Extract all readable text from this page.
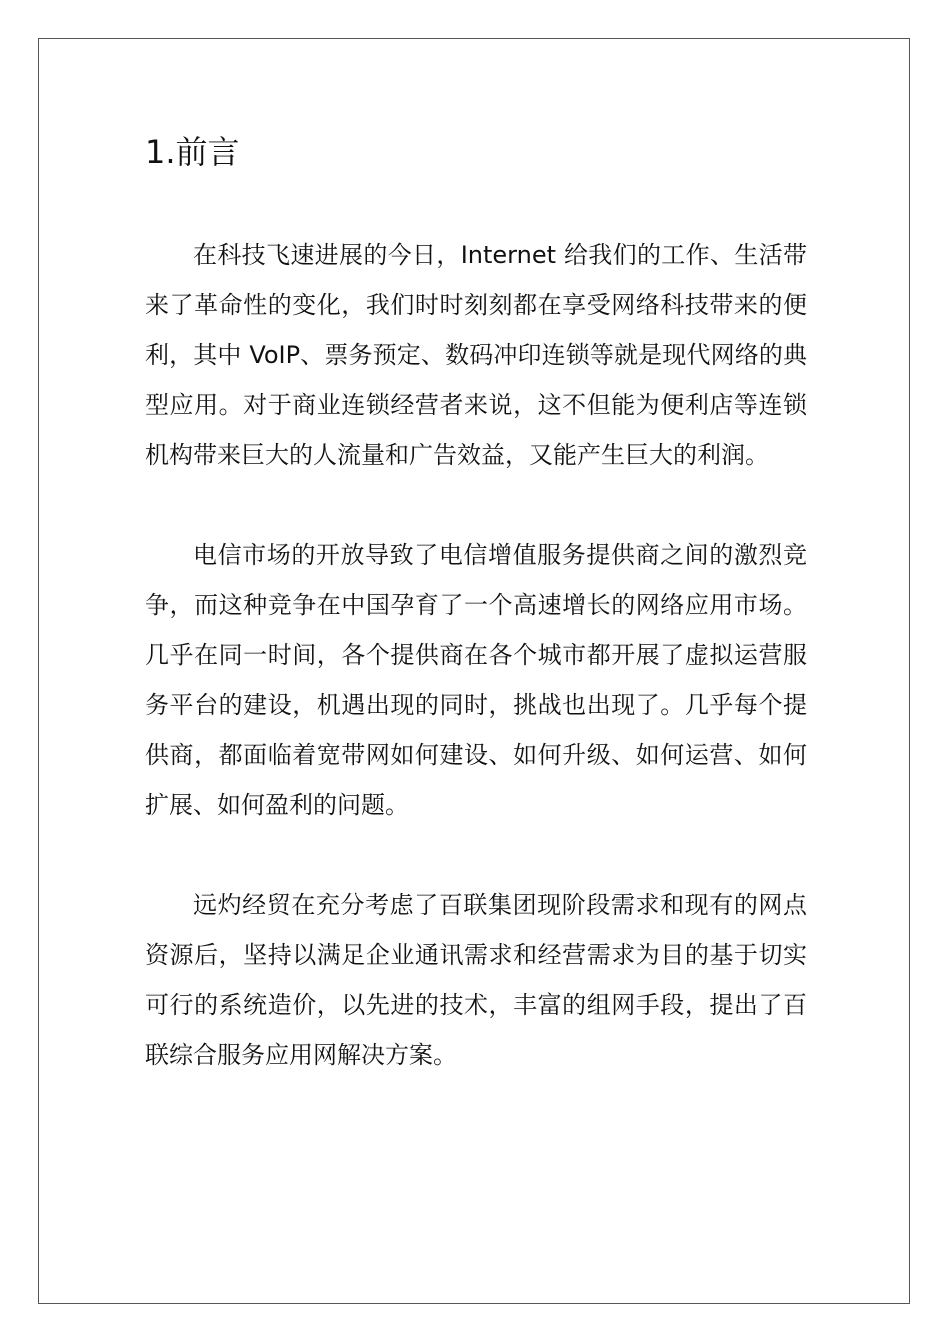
1.前言

在科技飞速进展的今日，Internet 给我们的工作、生活带来了革命性的变化，我们时时刻刻都在享受网络科技带来的便利，其中 VoIP、票务预定、数码冲印连锁等就是现代网络的典型应用。对于商业连锁经营者来说，这不但能为便利店等连锁机构带来巨大的人流量和广告效益，又能产生巨大的利润。

电信市场的开放导致了电信增值服务提供商之间的激烈竞争，而这种竞争在中国孕育了一个高速增长的网络应用市场。几乎在同一时间，各个提供商在各个城市都开展了虚拟运营服务平台的建设，机遇出现的同时，挑战也出现了。几乎每个提供商，都面临着宽带网如何建设、如何升级、如何运营、如何扩展、如何盈利的问题。

远灼经贸在充分考虑了百联集团现阶段需求和现有的网点资源后，坚持以满足企业通讯需求和经营需求为目的基于切实可行的系统造价，以先进的技术，丰富的组网手段，提出了百联综合服务应用网解决方案。
